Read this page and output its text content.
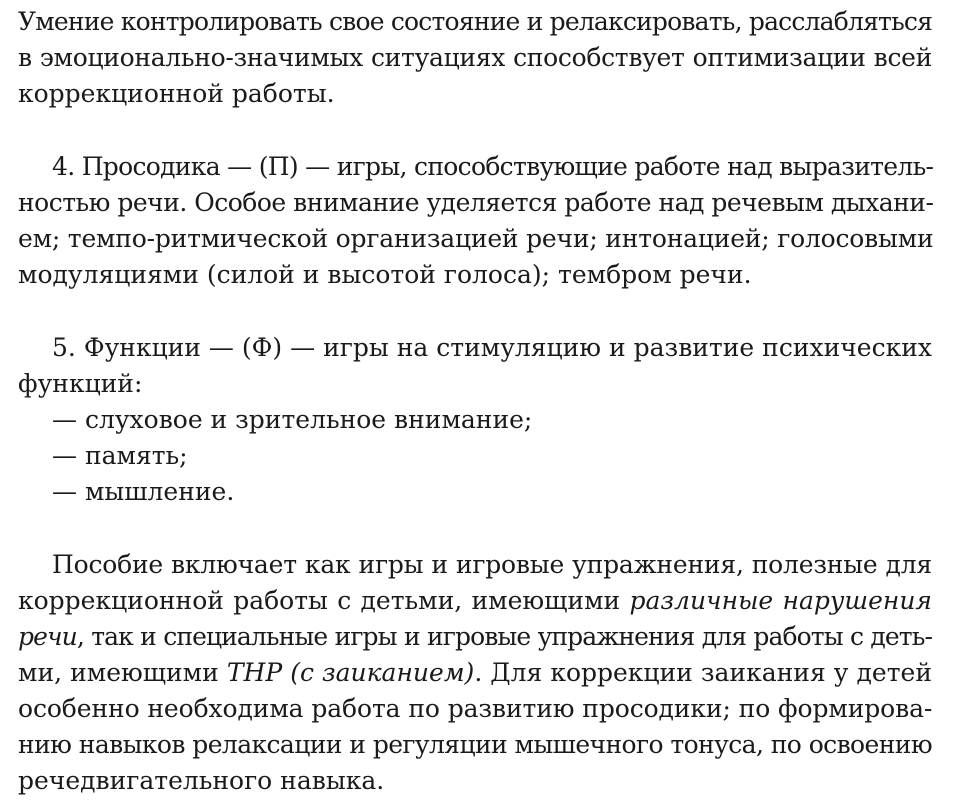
Умение контролировать свое состояние и релаксировать, расслабляться
в эмоционально-значимых ситуациях способствует оптимизации всей
коррекционной работы.
4. Просодика — (П) — игры, способствующие работе над выразитель-
ностью речи. Особое внимание уделяется работе над речевым дыхани-
ем; темпо-ритмической организацией речи; интонацией; голосовыми
модуляциями (силой и высотой голоса); тембром речи.
5. Функции — (Ф) — игры на стимуляцию и развитие психических
функций:
— слуховое и зрительное внимание;
— память;
— мышление.
Пособие включает как игры и игровые упражнения, полезные для
коррекционной работы с детьми, имеющими различные нарушения
речи, так и специальные игры и игровые упражнения для работы с деть-
ми, имеющими ТНР (с заиканием). Для коррекции заикания у детей
особенно необходима работа по развитию просодики; по формирова-
нию навыков релаксации и регуляции мышечного тонуса, по освоению
речедвигательного навыка.
